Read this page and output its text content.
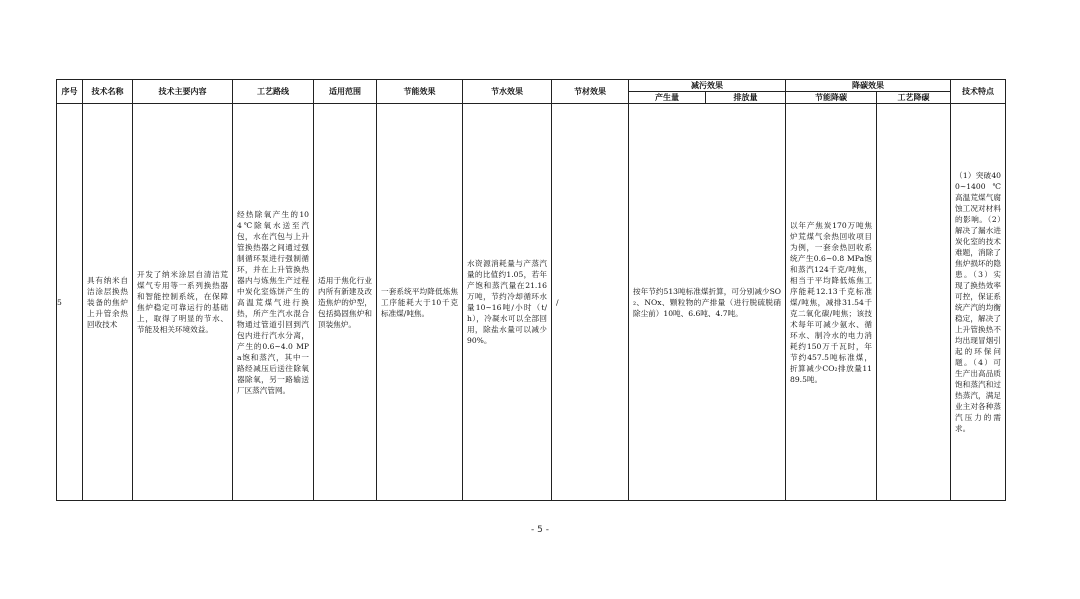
序号	技术名称	技术主要内容	工艺路线	适用范围	节能效果	节水效果	节材效果	减污效果		降碳效果		技术特点
								产生量	排放量	节能降碳	工艺降碳	
5	具有纳米自洁涂层换热装备的焦炉上升管余热回收技术	开发了纳米涂层自清洁荒煤气专用等一系列换热器和智能控制系统，在保障焦炉稳定可靠运行的基础上，取得了明显的节水、节能及相关环境效益。	经热除氧产生的104℃除氧水送至汽包，水在汽包与上升管换热器之间通过强制循环泵进行强制循环，并在上升管换热器内与炼焦生产过程中炭化室炼饼产生的高温荒煤气进行换热，所产生汽水混合物通过管道引回到汽包内进行汽水分离，产生的0.6~4.0 MPa饱和蒸汽，其中一路经减压后送往除氧器除氧，另一路输送厂区蒸汽管网。	适用于焦化行业内所有新建及改造焦炉的炉型，包括捣固焦炉和顶装焦炉。	一套系统平均降低炼焦工序能耗大于10千克标准煤/吨焦。	水资源消耗量与产蒸汽量的比值约1.05，若年产饱和蒸汽量在21.16万吨，节约冷却循环水量10~16吨/小时（t/h），冷凝水可以全部回用，除盐水量可以减少90%。	/	按年节约513吨标准煤折算，可分别减少SO₂、NOx、颗粒物的产排量（进行脱硫脱硝除尘前）10吨、6.6吨、4.7吨。		以年产焦炭170万吨焦炉荒煤气余热回收项目为例，一套余热回收系统产生0.6~0.8 MPa饱和蒸汽124千克/吨焦，相当于平均降低炼焦工序能耗12.13千克标准煤/吨焦，减排31.54千克二氧化碳/吨焦；该技术每年可减少氨水、循环水、制冷水的电力消耗约150万千瓦时，年节约457.5吨标准煤，折算减少CO₂排放量1189.5吨。		（1）突破400~1400℃高温荒煤气腐蚀工况对材料的影响。（2）解决了漏水进炭化室的技术难题，消除了焦炉损坏的隐患。（3）实现了换热效率可控，保证系统产汽的均衡稳定，解决了上升管换热不均出现冒烟引起的环保问题。（4）可生产出高品质饱和蒸汽和过热蒸汽，满足业主对各种蒸汽压力的需求。
- 5 -
